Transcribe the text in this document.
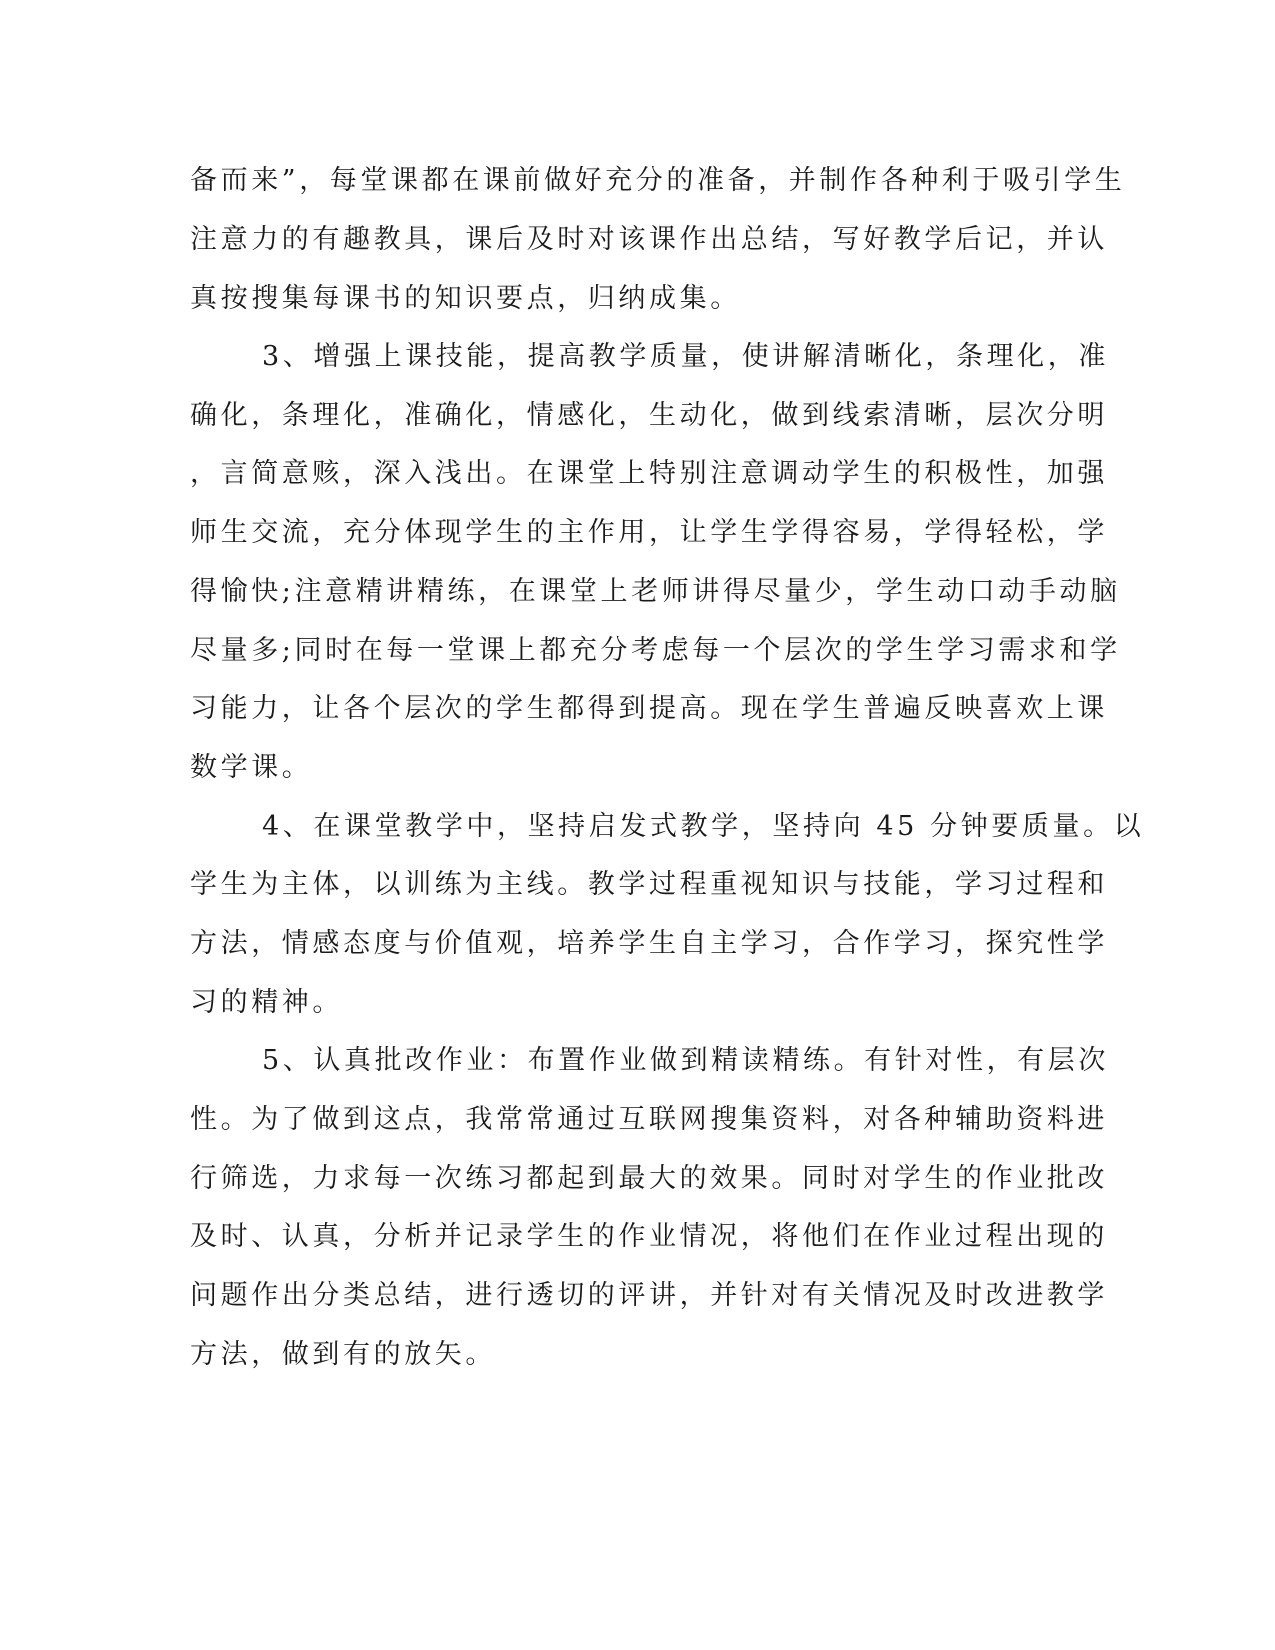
备而来”，每堂课都在课前做好充分的准备，并制作各种利于吸引学生
注意力的有趣教具，课后及时对该课作出总结，写好教学后记，并认
真按搜集每课书的知识要点，归纳成集。
3、增强上课技能，提高教学质量，使讲解清晰化，条理化，准
确化，条理化，准确化，情感化，生动化，做到线索清晰，层次分明
，言简意赅，深入浅出。在课堂上特别注意调动学生的积极性，加强
师生交流，充分体现学生的主作用，让学生学得容易，学得轻松，学
得愉快;注意精讲精练，在课堂上老师讲得尽量少，学生动口动手动脑
尽量多;同时在每一堂课上都充分考虑每一个层次的学生学习需求和学
习能力，让各个层次的学生都得到提高。现在学生普遍反映喜欢上课
数学课。
4、在课堂教学中，坚持启发式教学，坚持向 45 分钟要质量。以
学生为主体，以训练为主线。教学过程重视知识与技能，学习过程和
方法，情感态度与价值观，培养学生自主学习，合作学习，探究性学
习的精神。
5、认真批改作业：布置作业做到精读精练。有针对性，有层次
性。为了做到这点，我常常通过互联网搜集资料，对各种辅助资料进
行筛选，力求每一次练习都起到最大的效果。同时对学生的作业批改
及时、认真，分析并记录学生的作业情况，将他们在作业过程出现的
问题作出分类总结，进行透切的评讲，并针对有关情况及时改进教学
方法，做到有的放矢。
